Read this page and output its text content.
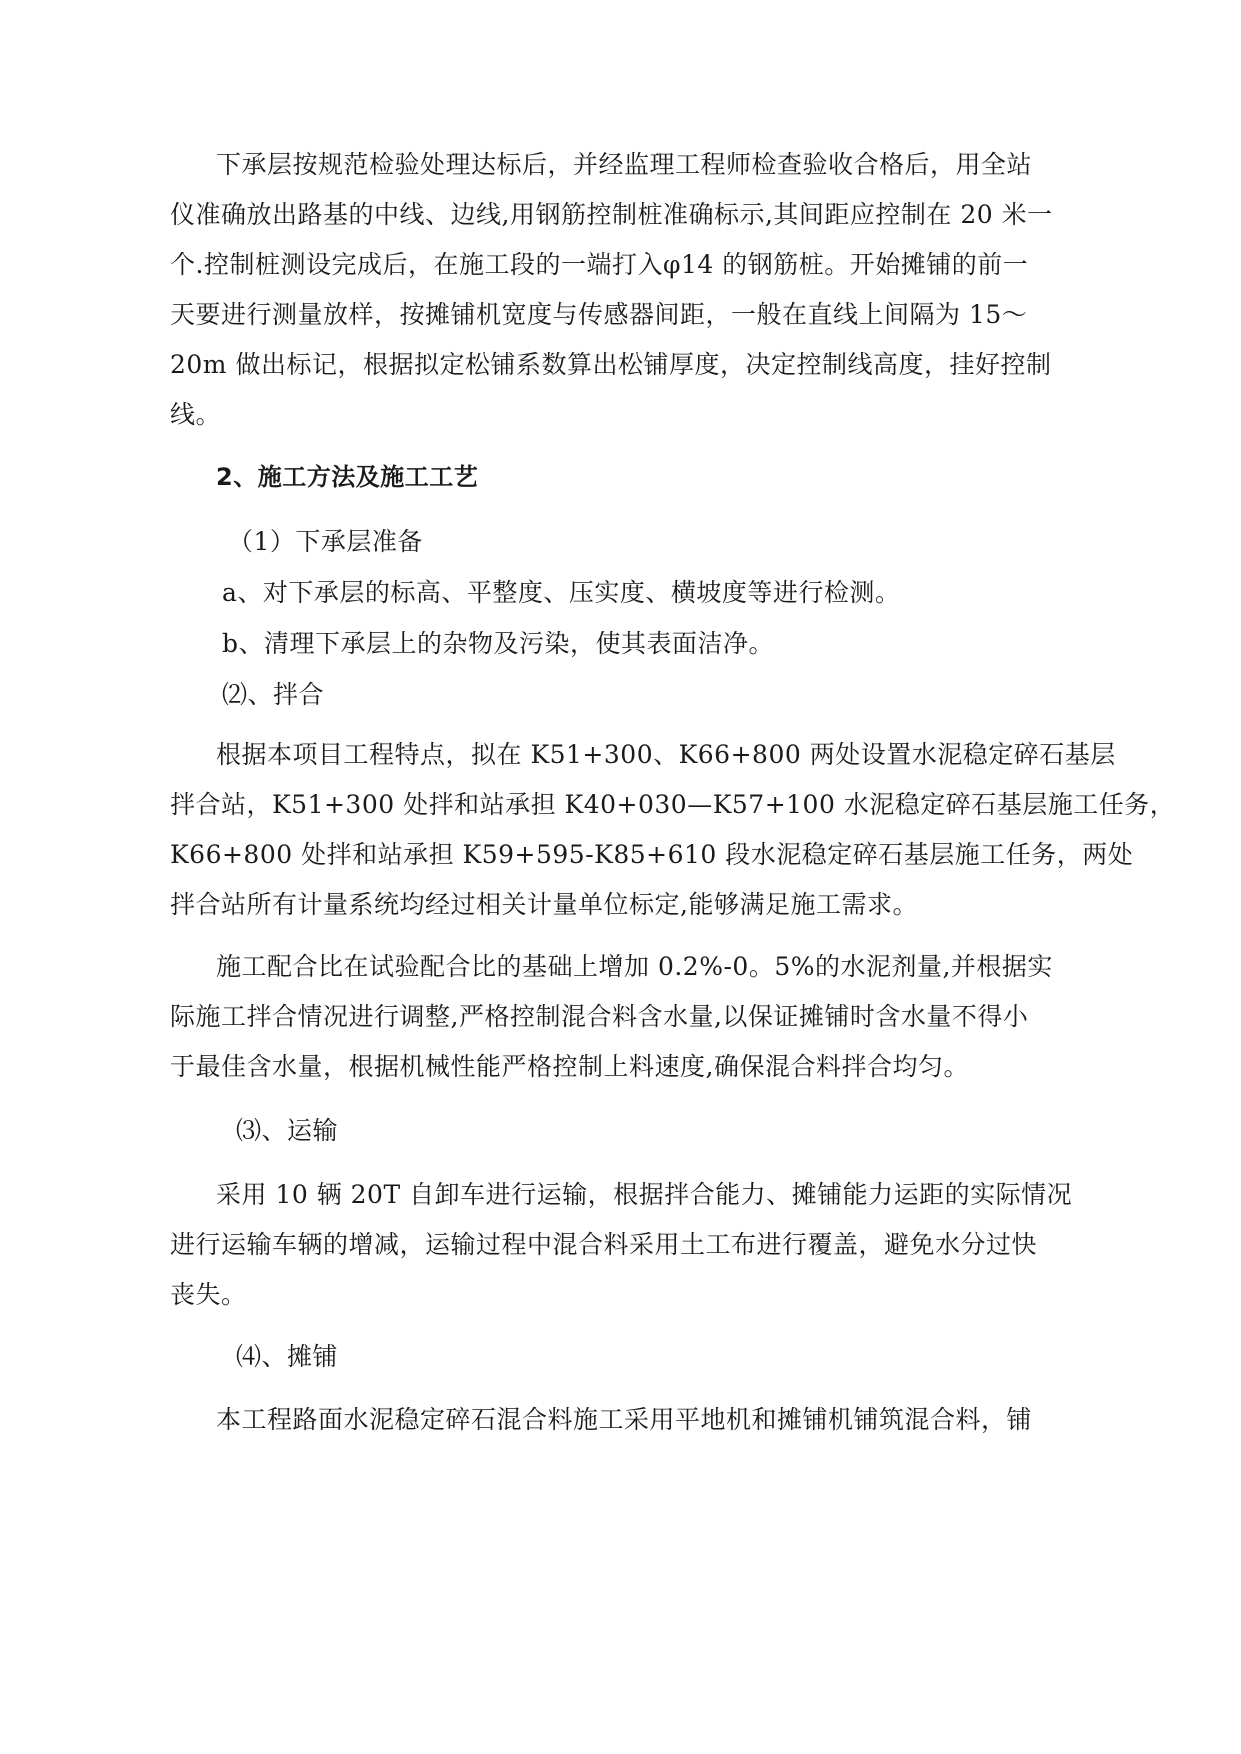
下承层按规范检验处理达标后，并经监理工程师检查验收合格后，用全站
仪准确放出路基的中线、边线,用钢筋控制桩准确标示,其间距应控制在 20 米一
个.控制桩测设完成后，在施工段的一端打入φ14 的钢筋桩。开始摊铺的前一
天要进行测量放样，按摊铺机宽度与传感器间距，一般在直线上间隔为 15～
20m 做出标记，根据拟定松铺系数算出松铺厚度，决定控制线高度，挂好控制
线。
2、施工方法及施工工艺
（1）下承层准备
a、对下承层的标高、平整度、压实度、横坡度等进行检测。
b、清理下承层上的杂物及污染，使其表面洁净。
⑵、拌合
根据本项目工程特点，拟在 K51+300、K66+800 两处设置水泥稳定碎石基层
拌合站，K51+300 处拌和站承担 K40+030—K57+100 水泥稳定碎石基层施工任务，
K66+800 处拌和站承担 K59+595-K85+610 段水泥稳定碎石基层施工任务，两处
拌合站所有计量系统均经过相关计量单位标定,能够满足施工需求。
施工配合比在试验配合比的基础上增加 0.2%-0。5%的水泥剂量,并根据实
际施工拌合情况进行调整,严格控制混合料含水量,以保证摊铺时含水量不得小
于最佳含水量，根据机械性能严格控制上料速度,确保混合料拌合均匀。
⑶、运输
采用 10 辆 20T 自卸车进行运输，根据拌合能力、摊铺能力运距的实际情况
进行运输车辆的增减，运输过程中混合料采用土工布进行覆盖，避免水分过快
丧失。
⑷、摊铺
本工程路面水泥稳定碎石混合料施工采用平地机和摊铺机铺筑混合料，铺
